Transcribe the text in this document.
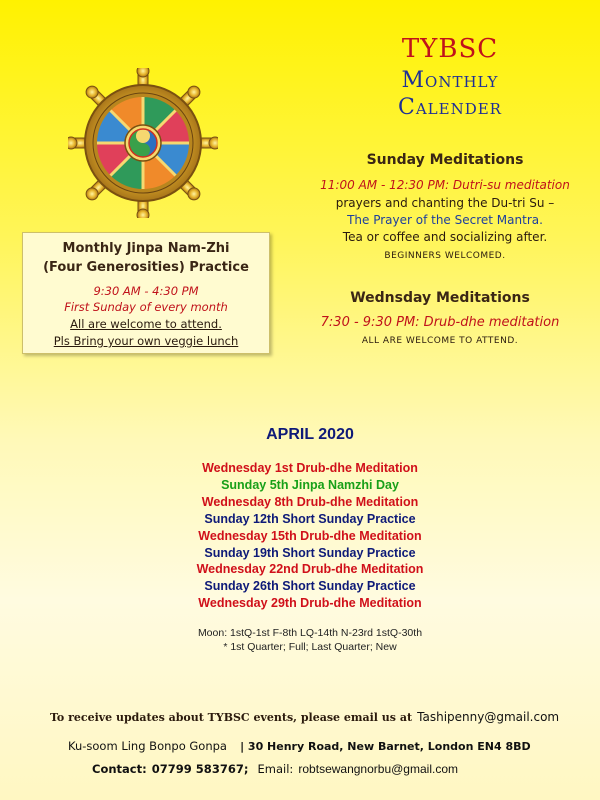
TYBSC
Monthly
Calender
Sunday Meditations
11:00 AM - 12:30 PM: Dutri-su meditation
prayers and chanting the Du-tri Su –
The Prayer of the Secret Mantra.
Tea or coffee and socializing after.
BEGINNERS WELCOMED.
Wednsday Meditations
7:30 - 9:30 PM: Drub-dhe meditation
ALL ARE WELCOME TO ATTEND.
Monthly Jinpa Nam-Zhi
(Four Generosities) Practice
9:30 AM - 4:30 PM
First Sunday of every month
All are welcome to attend.
Pls Bring your own veggie lunch
APRIL 2020
Wednesday 1st Drub-dhe Meditation
Sunday 5th Jinpa Namzhi Day
Wednesday 8th Drub-dhe Meditation
Sunday 12th Short Sunday Practice
Wednesday 15th Drub-dhe Meditation
Sunday 19th Short Sunday Practice
Wednesday 22nd Drub-dhe Meditation
Sunday 26th Short Sunday Practice
Wednesday 29th Drub-dhe Meditation
Moon: 1stQ-1st F-8th LQ-14th N-23rd 1stQ-30th
* 1st Quarter; Full; Last Quarter; New
To receive updates about TYBSC events, please email us at Tashipenny@gmail.com
Ku-soom Ling Bonpo Gonpa | 30 Henry Road, New Barnet, London EN4 8BD
Contact: 07799 583767; Email: robtsewangnorbu@gmail.com
